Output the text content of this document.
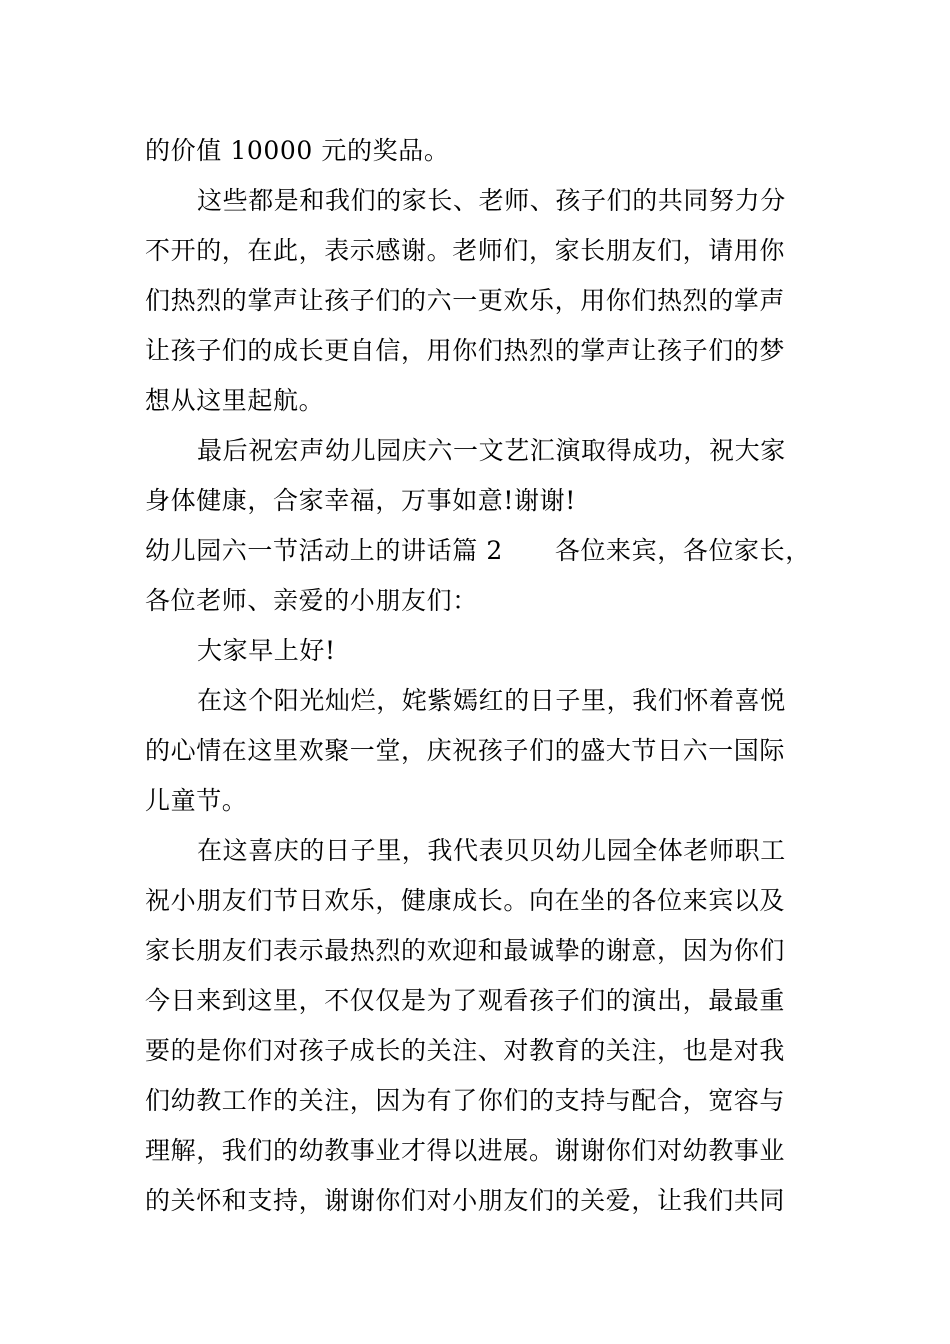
的价值 10000 元的奖品。
这些都是和我们的家长、老师、孩子们的共同努力分
不开的，在此，表示感谢。老师们，家长朋友们，请用你
们热烈的掌声让孩子们的六一更欢乐，用你们热烈的掌声
让孩子们的成长更自信，用你们热烈的掌声让孩子们的梦
想从这里起航。
最后祝宏声幼儿园庆六一文艺汇演取得成功，祝大家
身体健康，合家幸福，万事如意!谢谢!
幼儿园六一节活动上的讲话篇 2 各位来宾，各位家长，
各位老师、亲爱的小朋友们：
大家早上好!
在这个阳光灿烂，姹紫嫣红的日子里，我们怀着喜悦
的心情在这里欢聚一堂，庆祝孩子们的盛大节日六一国际
儿童节。
在这喜庆的日子里，我代表贝贝幼儿园全体老师职工
祝小朋友们节日欢乐，健康成长。向在坐的各位来宾以及
家长朋友们表示最热烈的欢迎和最诚挚的谢意，因为你们
今日来到这里，不仅仅是为了观看孩子们的演出，最最重
要的是你们对孩子成长的关注、对教育的关注，也是对我
们幼教工作的关注，因为有了你们的支持与配合，宽容与
理解，我们的幼教事业才得以进展。谢谢你们对幼教事业
的关怀和支持，谢谢你们对小朋友们的关爱，让我们共同
